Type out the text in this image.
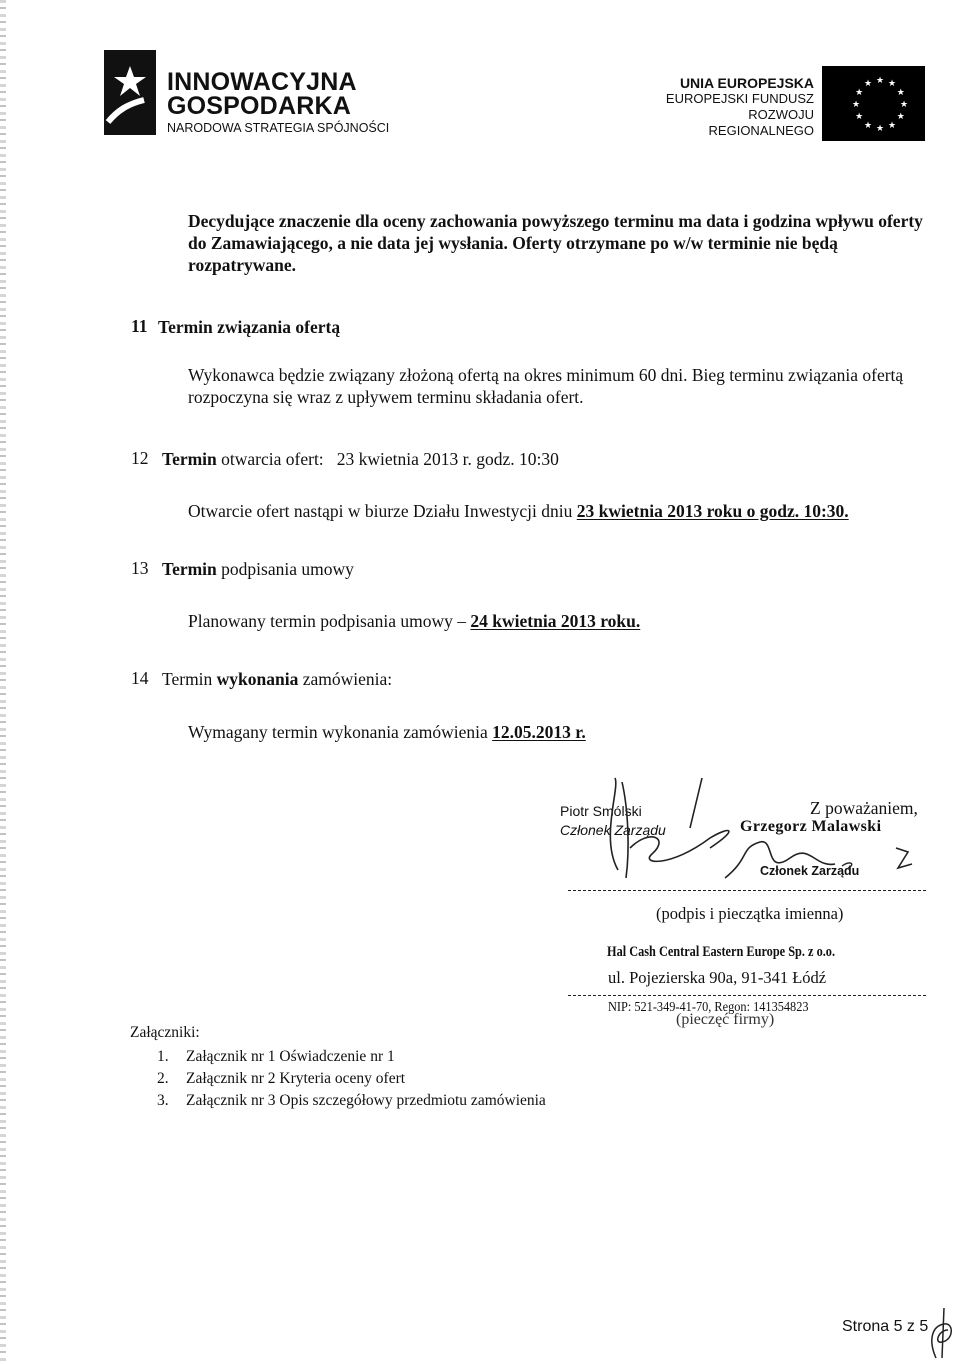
INNOWACYJNA
GOSPODARKA
NARODOWA STRATEGIA SPÓJNOŚCI
UNIA EUROPEJSKA
EUROPEJSKI FUNDUSZ
ROZWOJU REGIONALNEGO
★
★
★
★
★
★
★
★
★ ★ ★
★
Decydujące znaczenie dla oceny zachowania powyższego terminu ma data i godzina wpływu oferty do Zamawiającego, a nie data jej wysłania. Oferty otrzymane po w/w terminie nie będą rozpatrywane.
11 Termin związania ofertą
Wykonawca będzie związany złożoną ofertą na okres minimum 60 dni. Bieg terminu związania ofertą rozpoczyna się wraz z upływem terminu składania ofert.
12 Termin otwarcia ofert:   23 kwietnia 2013 r. godz. 10:30
Otwarcie ofert nastąpi w biurze Działu Inwestycji dniu 23 kwietnia 2013 roku o godz. 10:30.
13 Termin podpisania umowy
Planowany termin podpisania umowy – 24 kwietnia 2013 roku.
14 Termin wykonania zamówienia:
Wymagany termin wykonania zamówienia 12.05.2013 r.
Piotr Smólski
Członek Zarządu
Z poważaniem,
Grzegorz Malawski
Członek Zarządu
(podpis i pieczątka imienna)
Hal Cash Central Eastern Europe Sp. z o.o.
ul. Pojezierska 90a, 91-341 Łódź
NIP: 521-349-41-70, Regon: 141354823
(pieczęć firmy)
Załączniki:
1. Załącznik nr 1 Oświadczenie nr 1
2. Załącznik nr 2 Kryteria oceny ofert
3. Załącznik nr 3 Opis szczegółowy przedmiotu zamówienia
Strona 5 z 5
